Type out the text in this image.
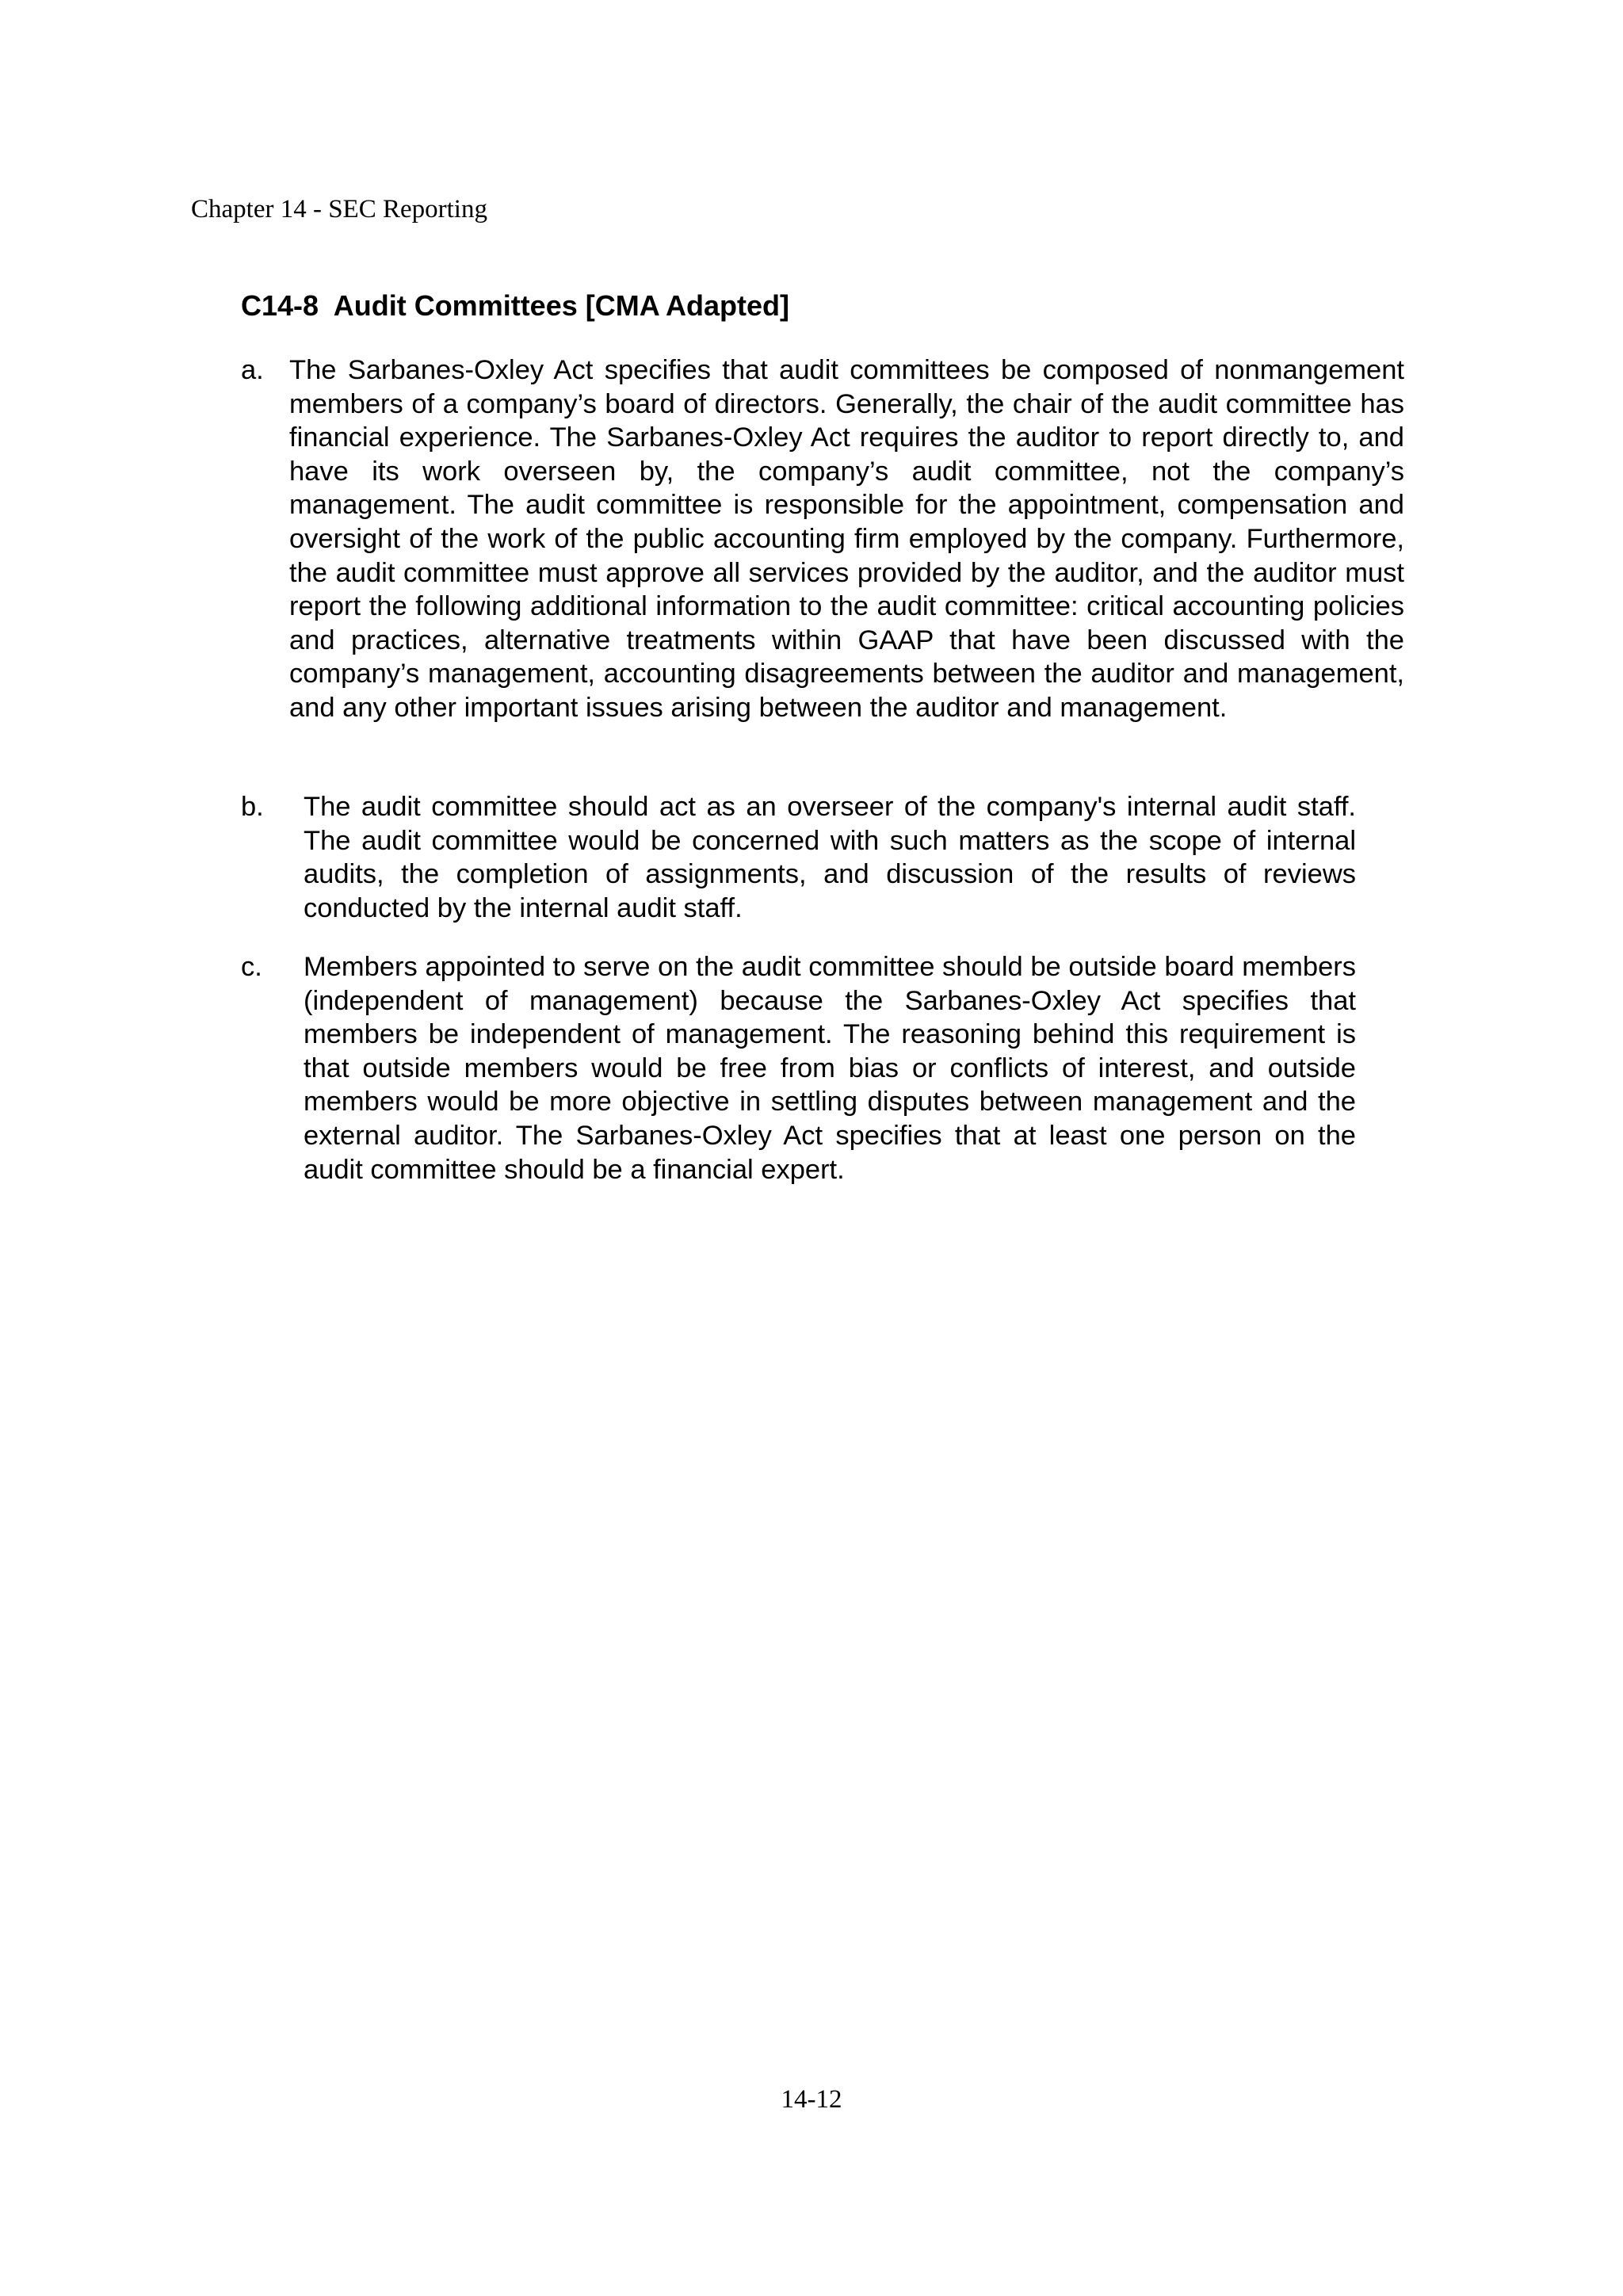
Chapter 14 - SEC Reporting
C14-8  Audit Committees [CMA Adapted]
a. The Sarbanes-Oxley Act specifies that audit committees be composed of nonmangement members of a company’s board of directors. Generally, the chair of the audit committee has financial experience. The Sarbanes-Oxley Act requires the auditor to report directly to, and have its work overseen by, the company’s audit committee, not the company’s management. The audit committee is responsible for the appointment, compensation and oversight of the work of the public accounting firm employed by the company. Furthermore, the audit committee must approve all services provided by the auditor, and the auditor must report the following additional information to the audit committee: critical accounting policies and practices, alternative treatments within GAAP that have been discussed with the company’s management, accounting disagreements between the auditor and management, and any other important issues arising between the auditor and management.
b. The audit committee should act as an overseer of the company's internal audit staff. The audit committee would be concerned with such matters as the scope of internal audits, the completion of assignments, and discussion of the results of reviews conducted by the internal audit staff.
c. Members appointed to serve on the audit committee should be outside board members (independent of management) because the Sarbanes-Oxley Act specifies that members be independent of management. The reasoning behind this requirement is that outside members would be free from bias or conflicts of interest, and outside members would be more objective in settling disputes between management and the external auditor. The Sarbanes-Oxley Act specifies that at least one person on the audit committee should be a financial expert.
14-12
